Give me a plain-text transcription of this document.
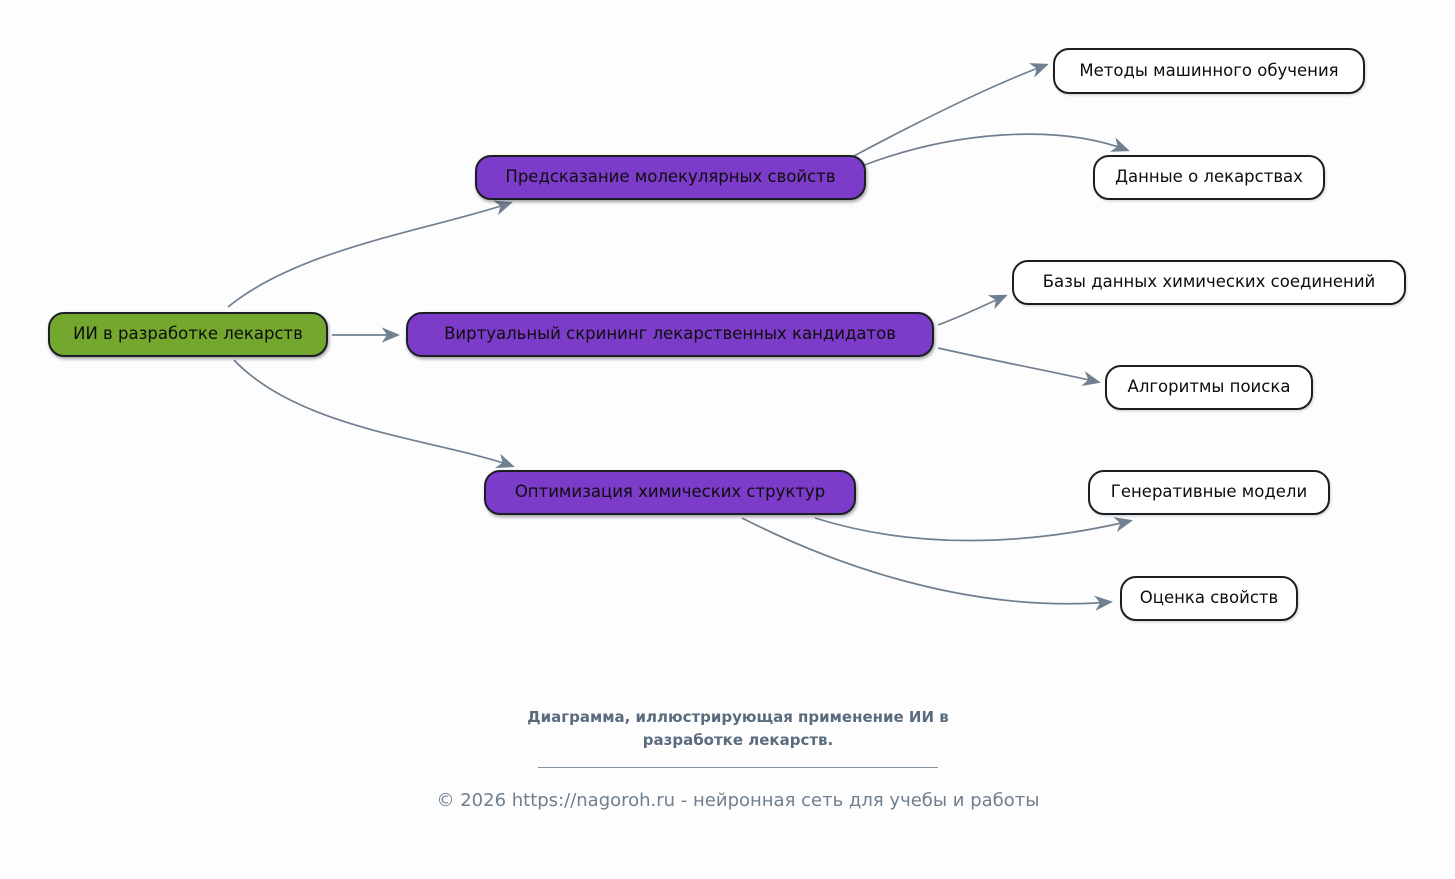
ИИ в разработке лекарств
Предсказание молекулярных свойств
Виртуальный скрининг лекарственных кандидатов
Оптимизация химических структур
Методы машинного обучения
Данные о лекарствах
Базы данных химических соединений
Алгоритмы поиска
Генеративные модели
Оценка свойств
Диаграмма, иллюстрирующая применение ИИ в разработке лекарств.
© 2026 https://nagoroh.ru - нейронная сеть для учебы и работы
